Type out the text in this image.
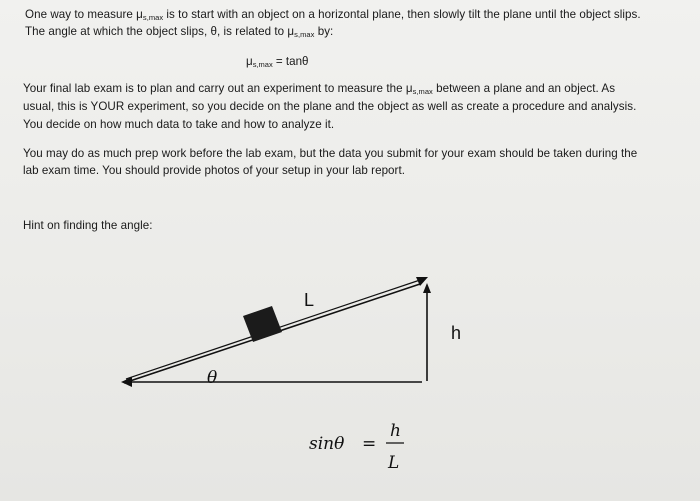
One way to measure $\mu_{s,max}$ is to start with an object on a horizontal plane, then slowly tilt the plane until the object slips.
The angle at which the object slips, θ, is related to $\mu_{s,max}$ by:
$\mu_{s,max} = \tan\theta$
Your final lab exam is to plan and carry out an experiment to measure the $\mu_{s,max}$ between a plane and an object. As
usual, this is YOUR experiment, so you decide on the plane and the object as well as create a procedure and analysis.
You decide on how much data to take and how to analyze it.
You may do as much prep work before the lab exam, but the data you submit for your exam should be taken during the
lab exam time. You should provide photos of your setup in your lab report.
Hint on finding the angle:
L
h
θ
sinθ =
h
L
